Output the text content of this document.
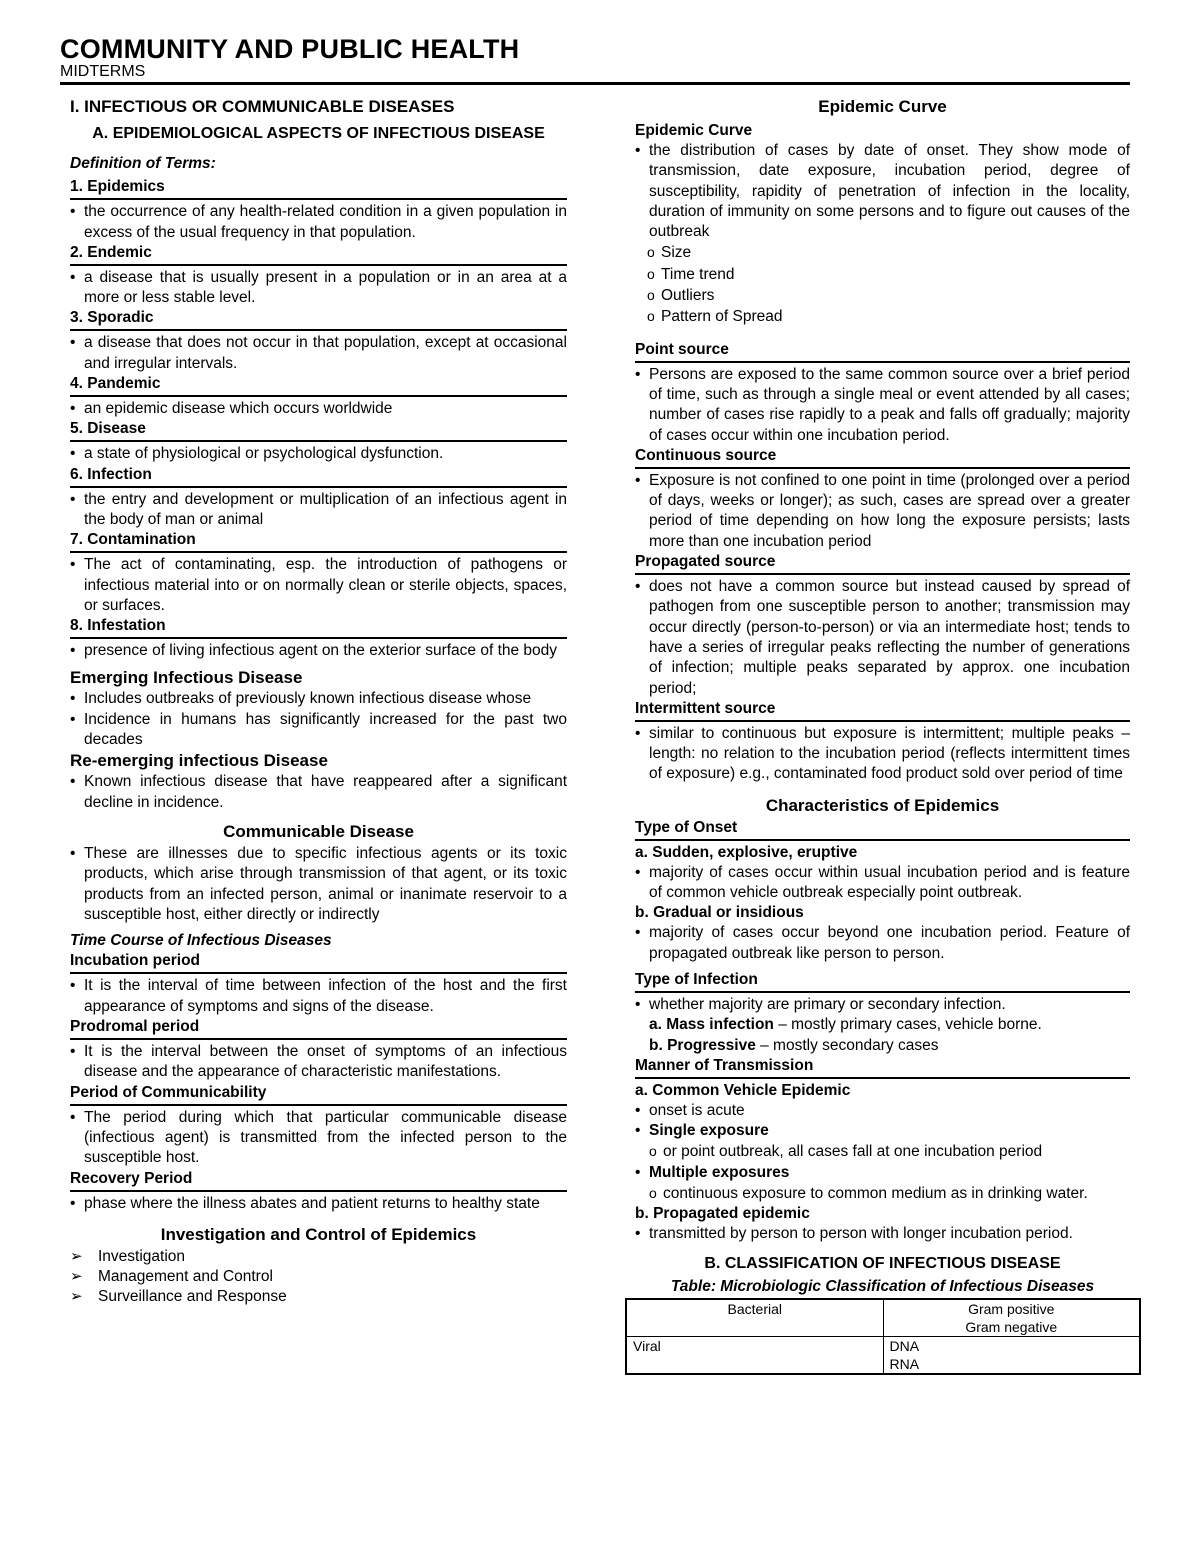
COMMUNITY AND PUBLIC HEALTH
MIDTERMS
I. INFECTIOUS OR COMMUNICABLE DISEASES
A. EPIDEMIOLOGICAL ASPECTS OF INFECTIOUS DISEASE
Definition of Terms:
1. Epidemics
• the occurrence of any health-related condition in a given population in excess of the usual frequency in that population.
2. Endemic
• a disease that is usually present in a population or in an area at a more or less stable level.
3. Sporadic
• a disease that does not occur in that population, except at occasional and irregular intervals.
4. Pandemic
• an epidemic disease which occurs worldwide
5. Disease
• a state of physiological or psychological dysfunction.
6. Infection
• the entry and development or multiplication of an infectious agent in the body of man or animal
7. Contamination
• The act of contaminating, esp. the introduction of pathogens or infectious material into or on normally clean or sterile objects, spaces, or surfaces.
8. Infestation
• presence of living infectious agent on the exterior surface of the body
Emerging Infectious Disease
• Includes outbreaks of previously known infectious disease whose
• Incidence in humans has significantly increased for the past two decades
Re-emerging infectious Disease
• Known infectious disease that have reappeared after a significant decline in incidence.
Communicable Disease
• These are illnesses due to specific infectious agents or its toxic products, which arise through transmission of that agent, or its toxic products from an infected person, animal or inanimate reservoir to a susceptible host, either directly or indirectly
Time Course of Infectious Diseases
Incubation period
• It is the interval of time between infection of the host and the first appearance of symptoms and signs of the disease.
Prodromal period
• It is the interval between the onset of symptoms of an infectious disease and the appearance of characteristic manifestations.
Period of Communicability
• The period during which that particular communicable disease (infectious agent) is transmitted from the infected person to the susceptible host.
Recovery Period
• phase where the illness abates and patient returns to healthy state
Investigation and Control of Epidemics
➢ Investigation
➢ Management and Control
➢ Surveillance and Response
Epidemic Curve
Epidemic Curve
• the distribution of cases by date of onset. They show mode of transmission, date exposure, incubation period, degree of susceptibility, rapidity of penetration of infection in the locality, duration of immunity on some persons and to figure out causes of the outbreak
o Size
o Time trend
o Outliers
o Pattern of Spread
Point source
• Persons are exposed to the same common source over a brief period of time, such as through a single meal or event attended by all cases; number of cases rise rapidly to a peak and falls off gradually; majority of cases occur within one incubation period.
Continuous source
• Exposure is not confined to one point in time (prolonged over a period of days, weeks or longer); as such, cases are spread over a greater period of time depending on how long the exposure persists; lasts more than one incubation period
Propagated source
• does not have a common source but instead caused by spread of pathogen from one susceptible person to another; transmission may occur directly (person-to-person) or via an intermediate host; tends to have a series of irregular peaks reflecting the number of generations of infection; multiple peaks separated by approx. one incubation period;
Intermittent source
• similar to continuous but exposure is intermittent; multiple peaks – length: no relation to the incubation period (reflects intermittent times of exposure) e.g., contaminated food product sold over period of time
Characteristics of Epidemics
Type of Onset
a. Sudden, explosive, eruptive
• majority of cases occur within usual incubation period and is feature of common vehicle outbreak especially point outbreak.
b. Gradual or insidious
• majority of cases occur beyond one incubation period. Feature of propagated outbreak like person to person.
Type of Infection
• whether majority are primary or secondary infection.
a. Mass infection – mostly primary cases, vehicle borne.
b. Progressive – mostly secondary cases
Manner of Transmission
a. Common Vehicle Epidemic
• onset is acute
• Single exposure
o or point outbreak, all cases fall at one incubation period
• Multiple exposures
o continuous exposure to common medium as in drinking water.
b. Propagated epidemic
• transmitted by person to person with longer incubation period.
B. CLASSIFICATION OF INFECTIOUS DISEASE
Table: Microbiologic Classification of Infectious Diseases
Bacterial	Gram positive
Gram negative

Viral	DNA
RNA
